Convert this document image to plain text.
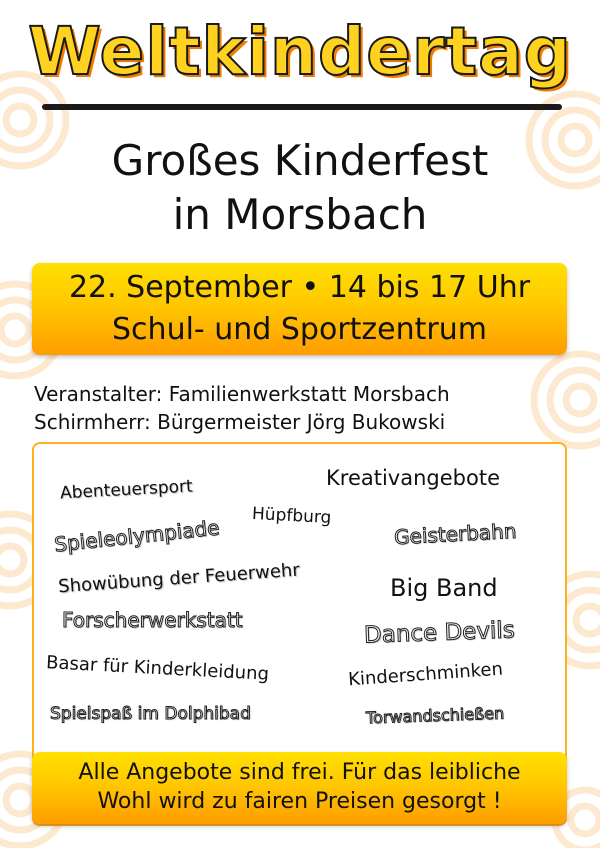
Weltkindertag
Großes Kinderfest
in Morsbach
22. September • 14 bis 17 Uhr
Schul- und Sportzentrum
Veranstalter: Familienwerkstatt Morsbach
Schirmherr: Bürgermeister Jörg Bukowski
Abenteuersport	Kreativangebote
Hüpfburg
Spieleolympiade	Geisterbahn
Showübung der Feuerwehr	Big Band
Forscherwerkstatt	Dance Devils
Basar für Kinderkleidung	Kinderschminken
Spielspaß im Dolphibad	Torwandschießen
Alle Angebote sind frei. Für das leibliche
Wohl wird zu fairen Preisen gesorgt !
